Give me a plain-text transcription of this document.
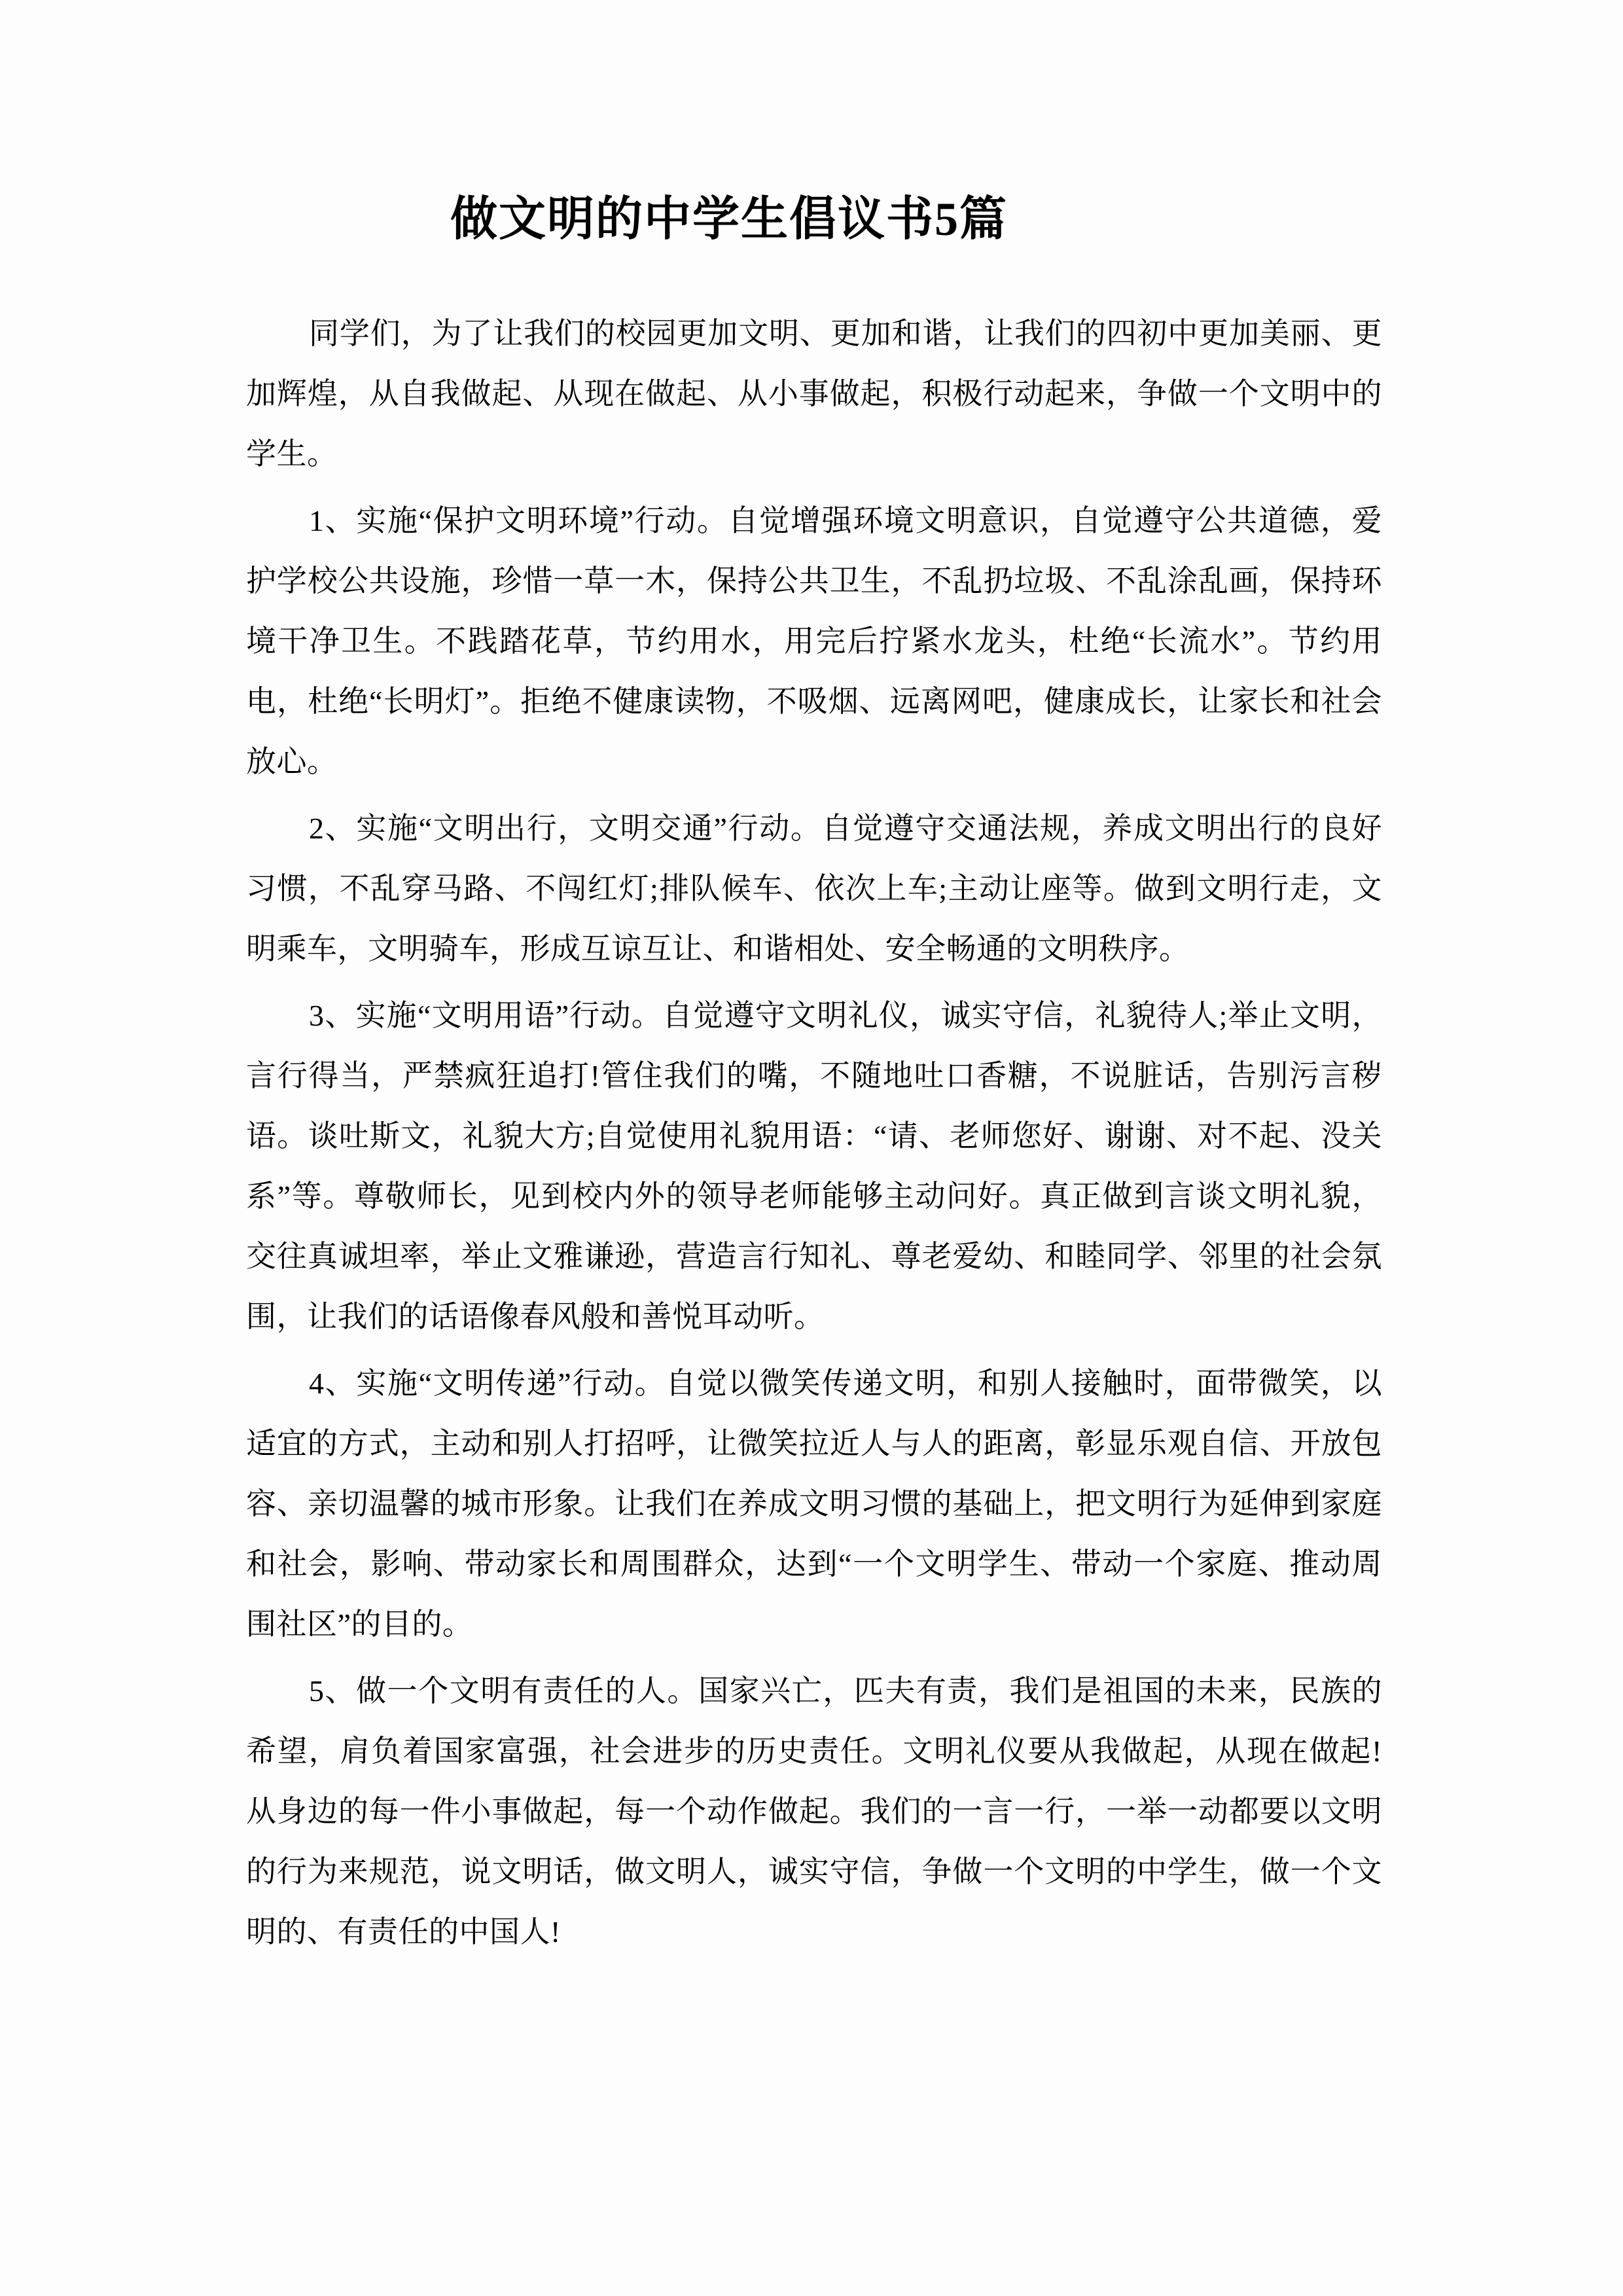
做文明的中学生倡议书5篇

同学们，为了让我们的校园更加文明、更加和谐，让我们的四初中更加美丽、更加辉煌，从自我做起、从现在做起、从小事做起，积极行动起来，争做一个文明中的学生。

1、实施“保护文明环境”行动。自觉增强环境文明意识，自觉遵守公共道德，爱护学校公共设施，珍惜一草一木，保持公共卫生，不乱扔垃圾、不乱涂乱画，保持环境干净卫生。不践踏花草，节约用水，用完后拧紧水龙头，杜绝“长流水”。节约用电，杜绝“长明灯”。拒绝不健康读物，不吸烟、远离网吧，健康成长，让家长和社会放心。

2、实施“文明出行，文明交通”行动。自觉遵守交通法规，养成文明出行的良好习惯，不乱穿马路、不闯红灯;排队候车、依次上车;主动让座等。做到文明行走，文明乘车，文明骑车，形成互谅互让、和谐相处、安全畅通的文明秩序。

3、实施“文明用语”行动。自觉遵守文明礼仪，诚实守信，礼貌待人;举止文明，言行得当，严禁疯狂追打!管住我们的嘴，不随地吐口香糖，不说脏话，告别污言秽语。谈吐斯文，礼貌大方;自觉使用礼貌用语：“请、老师您好、谢谢、对不起、没关系”等。尊敬师长，见到校内外的领导老师能够主动问好。真正做到言谈文明礼貌，交往真诚坦率，举止文雅谦逊，营造言行知礼、尊老爱幼、和睦同学、邻里的社会氛围，让我们的话语像春风般和善悦耳动听。

4、实施“文明传递”行动。自觉以微笑传递文明，和别人接触时，面带微笑，以适宜的方式，主动和别人打招呼，让微笑拉近人与人的距离，彰显乐观自信、开放包容、亲切温馨的城市形象。让我们在养成文明习惯的基础上，把文明行为延伸到家庭和社会，影响、带动家长和周围群众，达到“一个文明学生、带动一个家庭、推动周围社区”的目的。

5、做一个文明有责任的人。国家兴亡，匹夫有责，我们是祖国的未来，民族的希望，肩负着国家富强，社会进步的历史责任。文明礼仪要从我做起，从现在做起!从身边的每一件小事做起，每一个动作做起。我们的一言一行，一举一动都要以文明的行为来规范，说文明话，做文明人，诚实守信，争做一个文明的中学生，做一个文明的、有责任的中国人!
